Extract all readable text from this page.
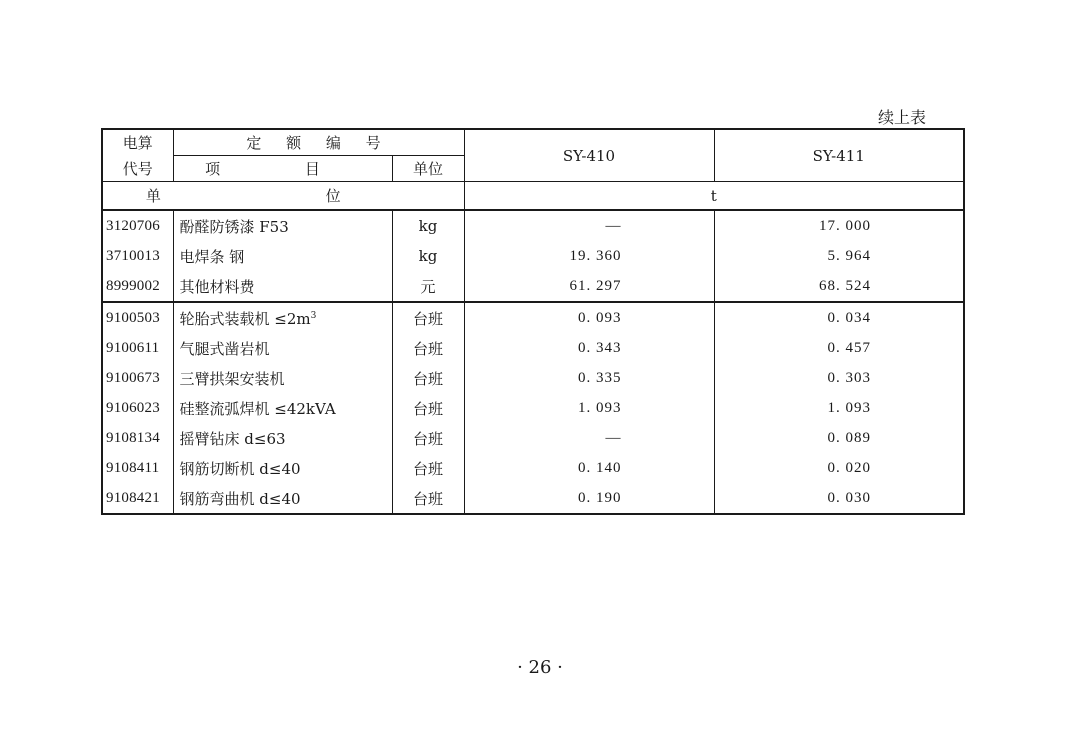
续上表
电算	定 额 编 号		SY-410	SY-411
代号	项 目	单位		
单 位			t	
3120706	酚醛防锈漆 F53	kg	—	17. 000
3710013	电焊条 钢	kg	19. 360	5. 964
8999002	其他材料费	元	61. 297	68. 524
9100503	轮胎式装载机 $\le 2m^3$	台班	0. 093	0. 034
9100611	气腿式凿岩机	台班	0. 343	0. 457
9100673	三臂拱架安装机	台班	0. 335	0. 303
9106023	硅整流弧焊机 ≤42kVA	台班	1. 093	1. 093
9108134	摇臂钻床 d≤63	台班	—	0. 089
9108411	钢筋切断机 d≤40	台班	0. 140	0. 020
9108421	钢筋弯曲机 d≤40	台班	0. 190	0. 030
· 26 ·
